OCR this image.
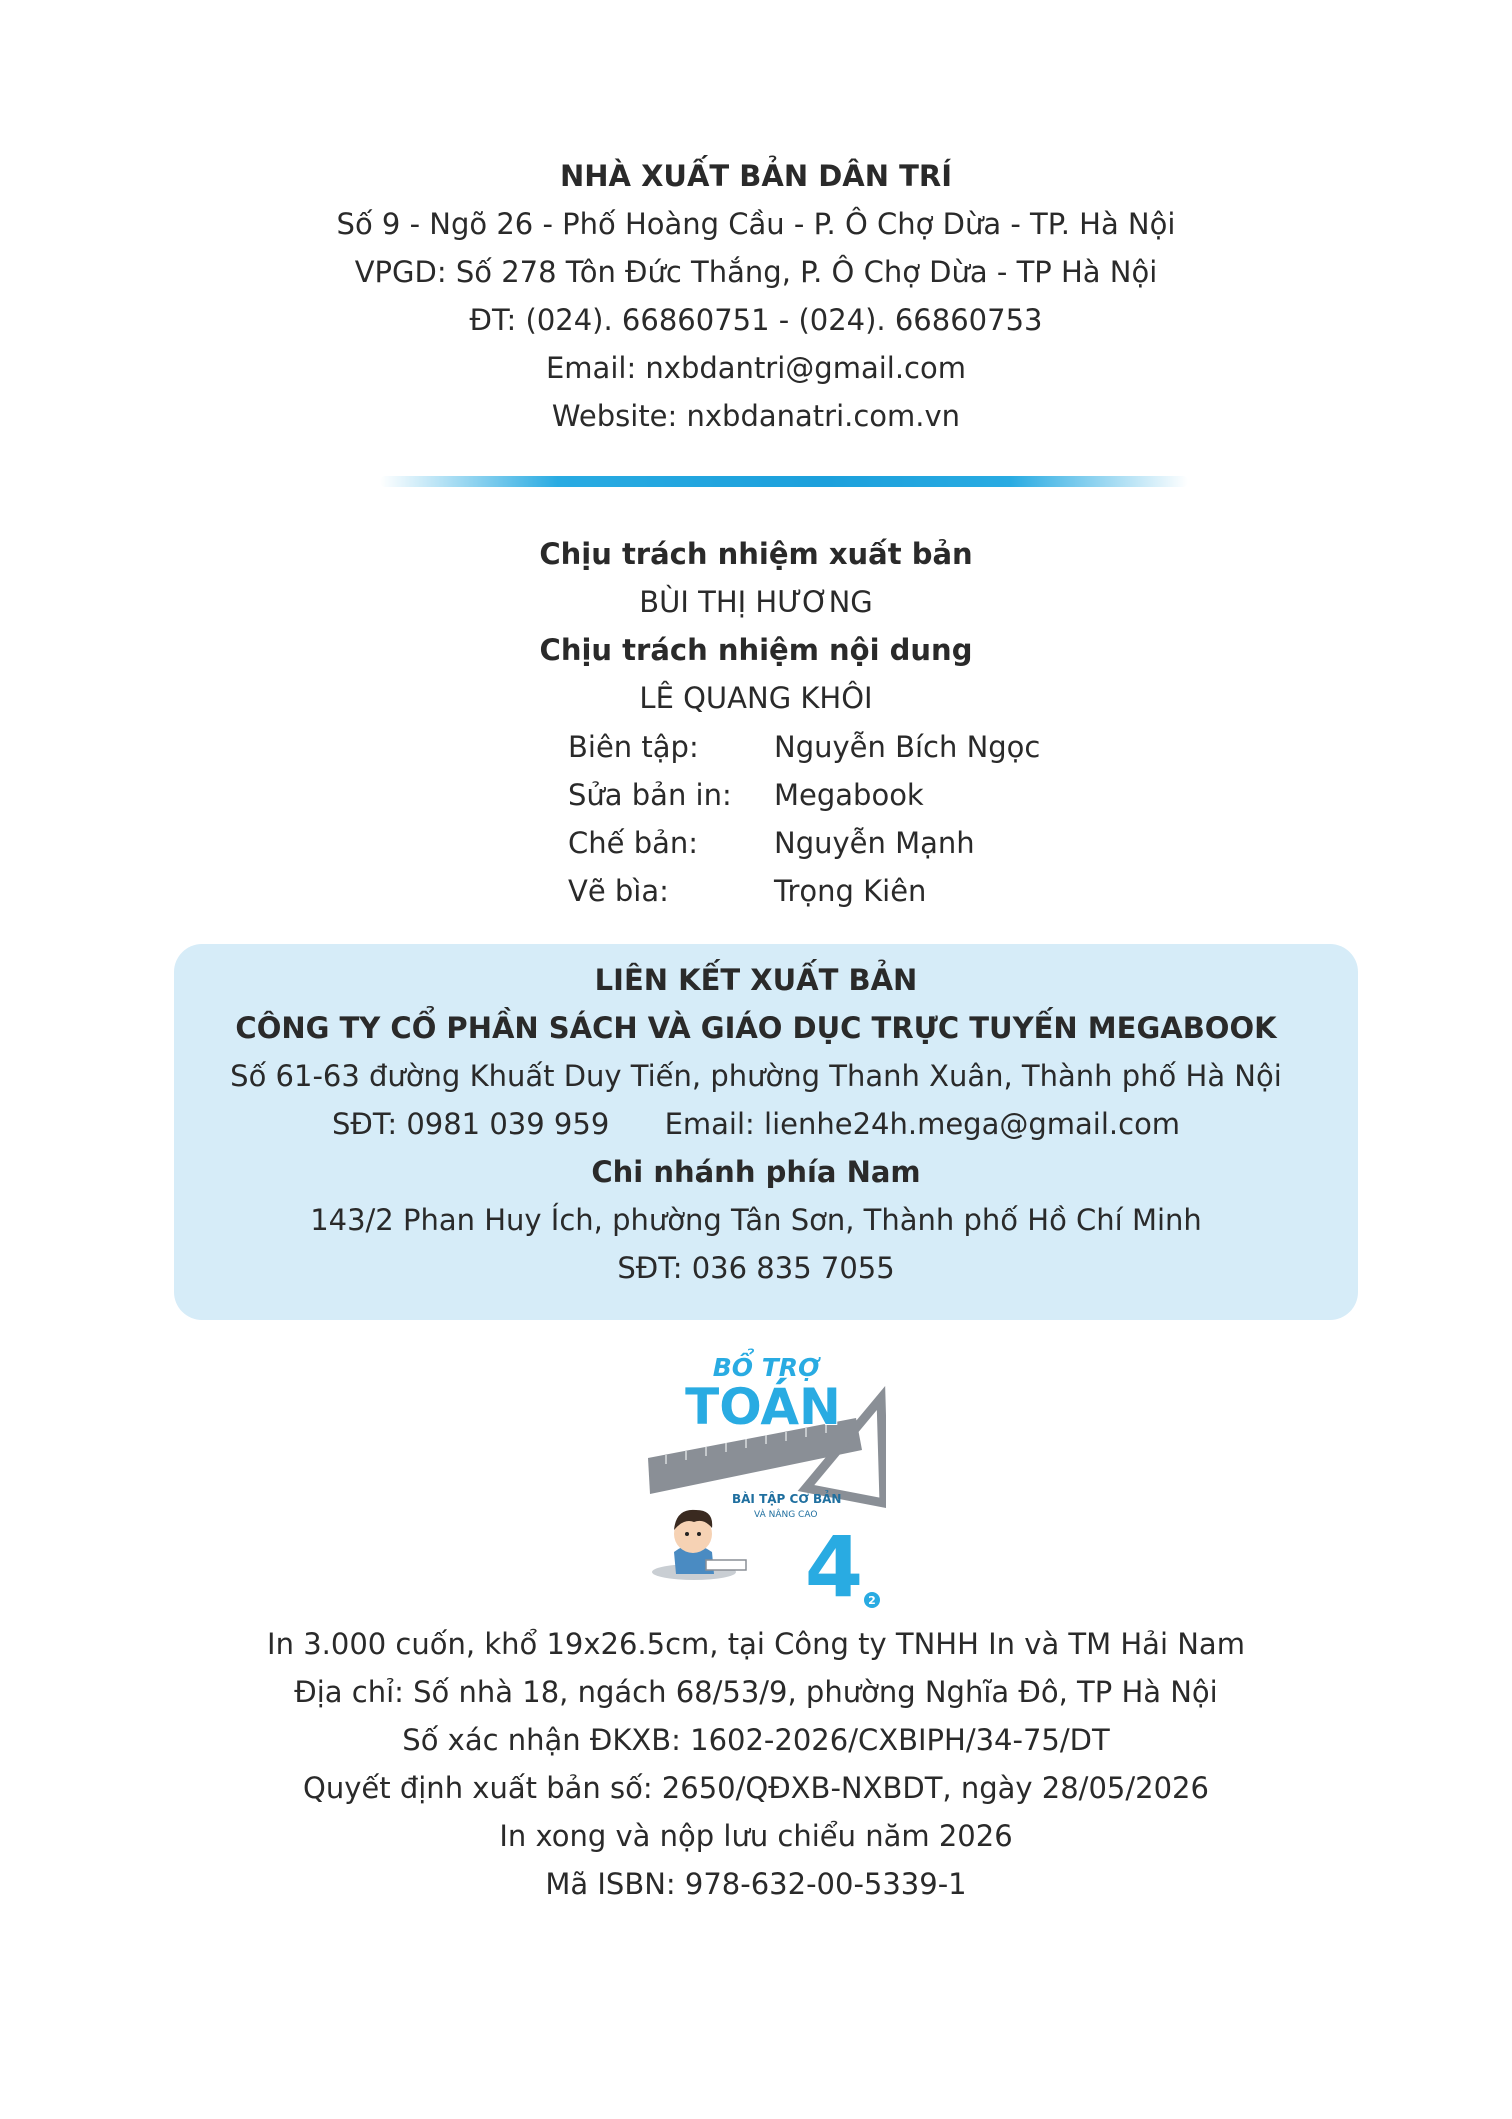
NHÀ XUẤT BẢN DÂN TRÍ
Số 9 - Ngõ 26 - Phố Hoàng Cầu - P. Ô Chợ Dừa - TP. Hà Nội
VPGD: Số 278 Tôn Đức Thắng, P. Ô Chợ Dừa - TP Hà Nội
ĐT: (024). 66860751 - (024). 66860753
Email: nxbdantri@gmail.com
Website: nxbdanatri.com.vn
Chịu trách nhiệm xuất bản
BÙI THỊ HƯƠNG
Chịu trách nhiệm nội dung
LÊ QUANG KHÔI
Biên tập:	Nguyễn Bích Ngọc
Sửa bản in: Megabook
Chế bản:	Nguyễn Mạnh
Vẽ bìa:	Trọng Kiên
LIÊN KẾT XUẤT BẢN
CÔNG TY CỔ PHẦN SÁCH VÀ GIÁO DỤC TRỰC TUYẾN MEGABOOK
Số 61-63 đường Khuất Duy Tiến, phường Thanh Xuân, Thành phố Hà Nội
SĐT: 0981 039 959      Email: lienhe24h.mega@gmail.com
Chi nhánh phía Nam
143/2 Phan Huy Ích, phường Tân Sơn, Thành phố Hồ Chí Minh
SĐT: 036 835 7055
BỔ TRỢ
TOÁN
BÀI TẬP CƠ BẢN
VÀ NÂNG CAO
4 2
In 3.000 cuốn, khổ 19x26.5cm, tại Công ty TNHH In và TM Hải Nam
Địa chỉ: Số nhà 18, ngách 68/53/9, phường Nghĩa Đô, TP Hà Nội
Số xác nhận ĐKXB: 1602-2026/CXBIPH/34-75/DT
Quyết định xuất bản số: 2650/QĐXB-NXBDT, ngày 28/05/2026
In xong và nộp lưu chiểu năm 2026
Mã ISBN: 978-632-00-5339-1
